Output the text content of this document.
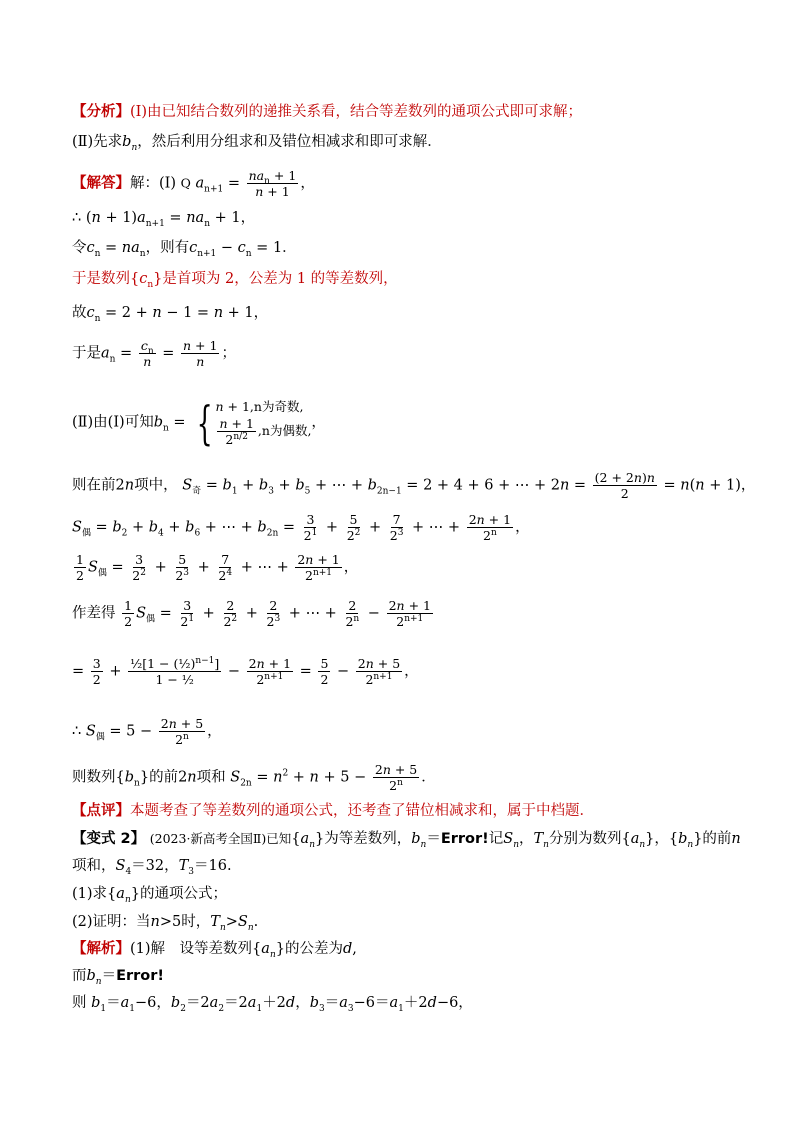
【分析】(Ⅰ)由已知结合数列的递推关系看，结合等差数列的通项公式即可求解；
(Ⅱ)先求$b_n$，然后利用分组求和及错位相减求和即可求解．
【解答】解：(Ⅰ) Q $a_{n+1} = \frac{na_n + 1}{n + 1}$ ，
∴ $(n + 1)a_{n+1} = na_n + 1$，
令$c_n = na_n$，则有$c_{n+1} - c_n = 1$．
于是数列$\{c_n\}$是首项为 2，公差为 1 的等差数列，
故$c_n = 2 + n - 1 = n + 1$，
于是$a_n = \frac{c_n}{n} = \frac{n + 1}{n}$ ；
(Ⅱ)由(Ⅰ)可知$b_n$ = { n + 1,n为奇数,
$\frac{n + 1}{2^{n/2}} ,n$为偶数, ，
则在前2n项中， $S_奇 = b_1 + b_3 + b_5$ + ⋯ + $b_{2n-1} = 2 + 4 + 6$ + ⋯ + $2n = \frac{(2 + 2n)n}{2} = n(n + 1)$，
$S_偶 = b_2 + b_4 + b_6$ + ⋯ + $b_{2n} = \frac{3}{2^1} + \frac{5}{2^2} + \frac{7}{2^3}$ + ⋯ + $\frac{2n + 1}{2^n}$ ，
$\frac{1}{2} S_偶 = \frac{3}{2^2} + \frac{5}{2^3} + \frac{7}{2^4}$ + ⋯ + $\frac{2n + 1}{2^{n+1}}$ ，
作差得 $\frac{1}{2} S_偶 = \frac{3}{2^1} + \frac{2}{2^2} + \frac{2}{2^3}$ + ⋯ + $\frac{2}{2^n} - \frac{2n + 1}{2^{n+1}}$
= $\frac{3}{2} + \frac{\frac{1}{2}[1 - (\frac{1}{2})^{n-1}]}{\text{1 − ½}} - \frac{2n + 1}{2^{n+1}} = \frac{5}{2} - \frac{2n + 5}{2^{n+1}}$ ，
∴ $S_偶 = 5 - \frac{2n + 5}{2^n}$ ，
则数列$\{b_n\}$的前2n项和 $S_{2n} = n^2 + n + 5 - \frac{2n + 5}{2^n}$ ．
【点评】本题考查了等差数列的通项公式，还考查了错位相减求和，属于中档题．
【变式 2】 (2023·新高考全国Ⅱ)已知$\{a_n\}$为等差数列，$b_n=Error$!记$S_n$，$T_n$分别为数列$\{a_n\}$，$\{b_n\}$的前n
项和，$S_4=32$，$T_3=16$.
(1)求$\{a_n\}$的通项公式；
(2)证明：当n>5时，$T_n>S_n$.
【解析】(1)解　设等差数列$\{a_n\}$的公差为d,
而$b_n=Error$!
则 $b_1=a_1-6$，$b_2=2a_2=2a_1+2d$，$b_3=a_3-6=a_1+2d-6$，
